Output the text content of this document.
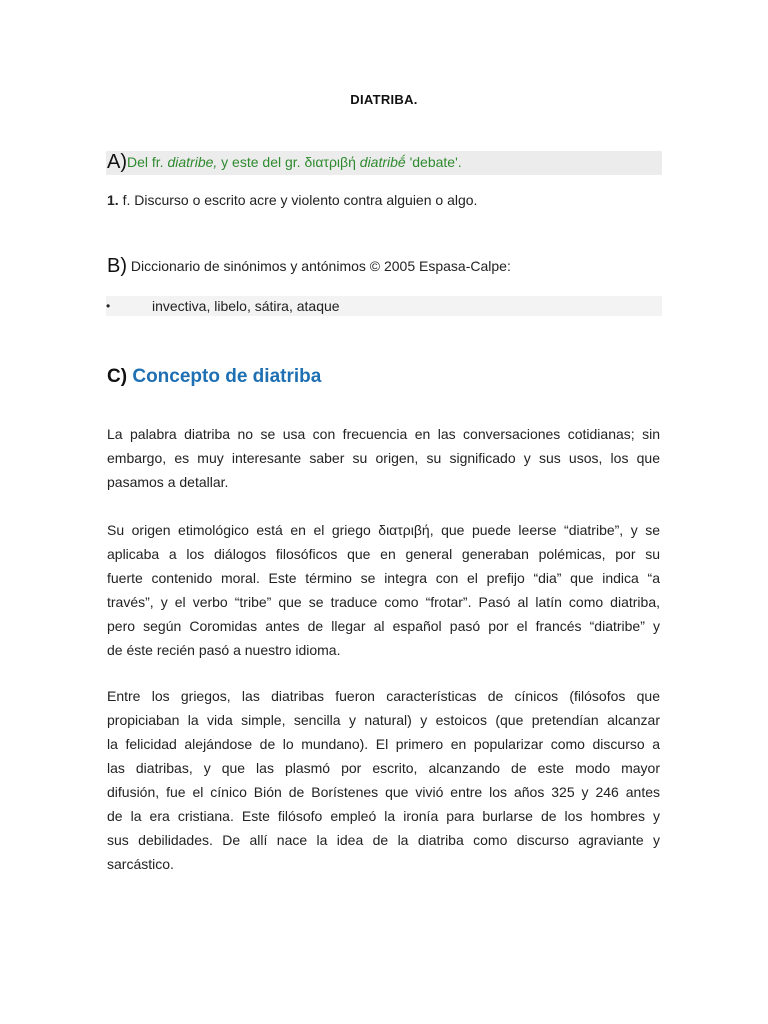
DIATRIBA.
A)Del fr. diatribe, y este del gr. διατριβή diatribḗ 'debate'.
1. f. Discurso o escrito acre y violento contra alguien o algo.
B) Diccionario de sinónimos y antónimos © 2005 Espasa-Calpe:
•	invectiva, libelo, sátira, ataque
C) Concepto de diatriba
La palabra diatriba no se usa con frecuencia en las conversaciones cotidianas; sin
embargo, es muy interesante saber su origen, su significado y sus usos, los que
pasamos a detallar.
Su origen etimológico está en el griego διατριβή, que puede leerse “diatribe”, y se
aplicaba a los diálogos filosóficos que en general generaban polémicas, por su
fuerte contenido moral. Este término se integra con el prefijo “dia” que indica “a
través”, y el verbo “tribe” que se traduce como “frotar”. Pasó al latín como diatriba,
pero según Coromidas antes de llegar al español pasó por el francés “diatribe” y
de éste recién pasó a nuestro idioma.
Entre los griegos, las diatribas fueron características de cínicos (filósofos que
propiciaban la vida simple, sencilla y natural) y estoicos (que pretendían alcanzar
la felicidad alejándose de lo mundano). El primero en popularizar como discurso a
las diatribas, y que las plasmó por escrito, alcanzando de este modo mayor
difusión, fue el cínico Bión de Borístenes que vivió entre los años 325 y 246 antes
de la era cristiana. Este filósofo empleó la ironía para burlarse de los hombres y
sus debilidades. De allí nace la idea de la diatriba como discurso agraviante y
sarcástico.
